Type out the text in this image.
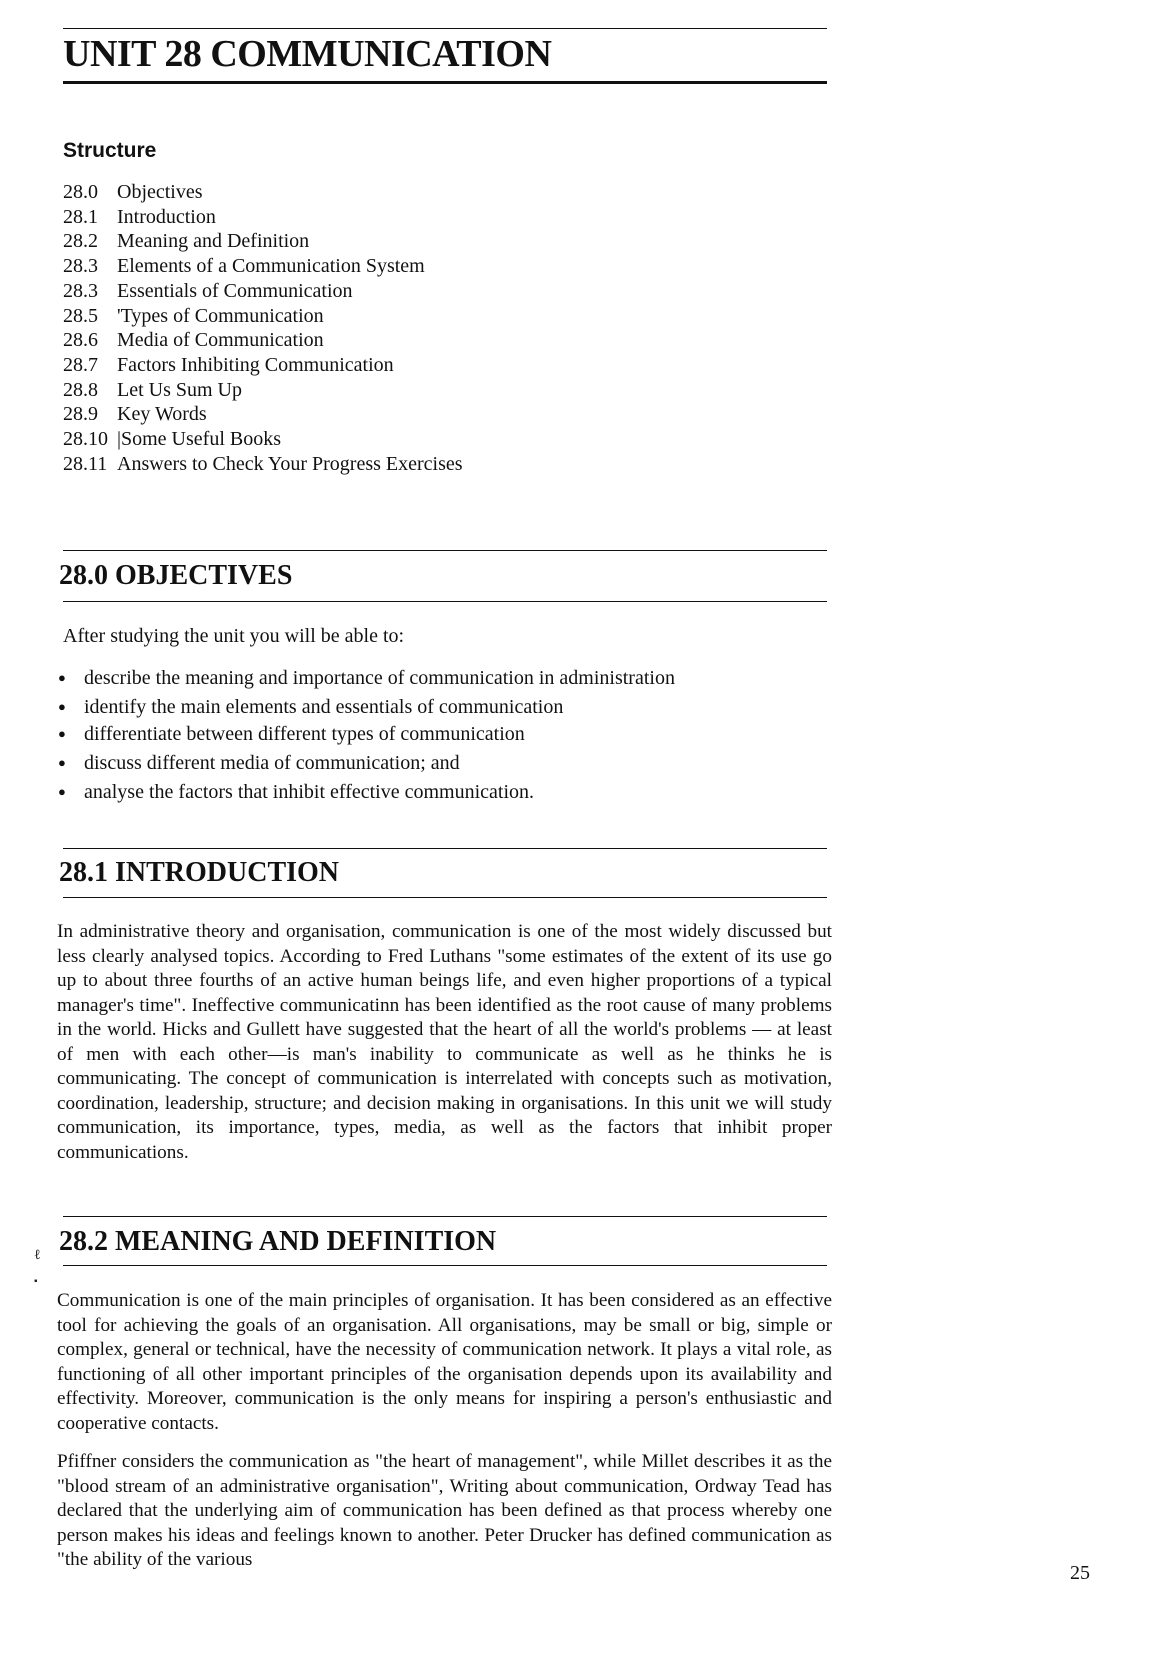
UNIT 28 COMMUNICATION
Structure
28.0 Objectives
28.1 Introduction
28.2 Meaning and Definition
28.3 Elements of a Communication System
28.3 Essentials of Communication
28.5 'Types of Communication
28.6 Media of Communication
28.7 Factors Inhibiting Communication
28.8 Let Us Sum Up
28.9 Key Words
28.10 |Some Useful Books
28.11 Answers to Check Your Progress Exercises
28.0 OBJECTIVES
After studying the unit you will be able to:
● describe the meaning and importance of communication in administration
● identify the main elements and essentials of communication
● differentiate between different types of communication
● discuss different media of communication; and
● analyse the factors that inhibit effective communication.
28.1 INTRODUCTION

In administrative theory and organisation, communication is one of the most widely discussed but less clearly analysed topics. According to Fred Luthans "some estimates of the extent of its use go up to about three fourths of an active human beings life, and even higher proportions of a typical manager's time". Ineffective communicatinn has been identified as the root cause of many problems in the world. Hicks and Gullett have suggested that the heart of all the world's problems — at least of men with each other—is man's inability to communicate as well as he thinks he is communicating. The concept of communication is interrelated with concepts such as motivation, coordination, leadership, structure; and decision making in organisations. In this unit we will study communication, its importance, types, media, as well as the factors that inhibit proper communications.

28.2 MEANING AND DEFINITION
ℓ
▪

Communication is one of the main principles of organisation. It has been considered as an effective tool for achieving the goals of an organisation. All organisations, may be small or big, simple or complex, general or technical, have the necessity of communication network. It plays a vital role, as functioning of all other important principles of the organisation depends upon its availability and effectivity. Moreover, communication is the only means for inspiring a person's enthusiastic and cooperative contacts.

Pfiffner considers the communication as "the heart of management", while Millet describes it as the "blood stream of an administrative organisation", Writing about communication, Ordway Tead has declared that the underlying aim of communication has been defined as that process whereby one person makes his ideas and feelings known to another. Peter Drucker has defined communication as "the ability of the various

25
